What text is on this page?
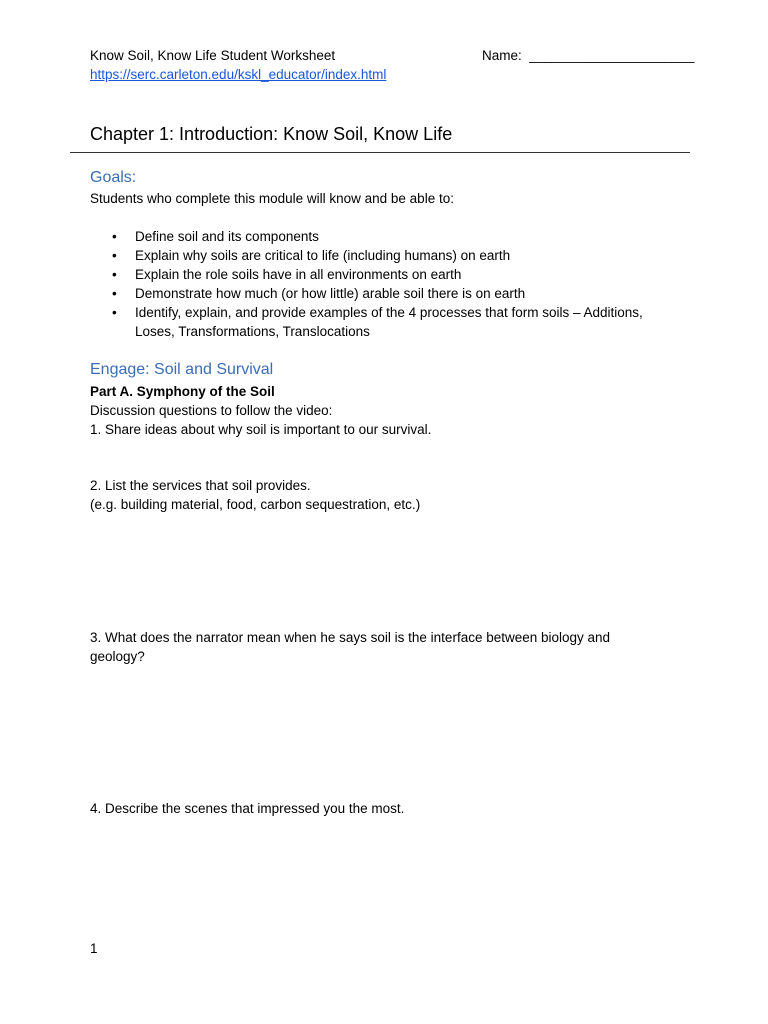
Know Soil, Know Life Student Worksheet	Name:  ______________________
https://serc.carleton.edu/kskl_educator/index.html
Chapter 1: Introduction: Know Soil, Know Life
Goals:
Students who complete this module will know and be able to:
• Define soil and its components
• Explain why soils are critical to life (including humans) on earth
• Explain the role soils have in all environments on earth
• Demonstrate how much (or how little) arable soil there is on earth
• Identify, explain, and provide examples of the 4 processes that form soils – Additions, Loses, Transformations, Translocations
Engage: Soil and Survival
Part A. Symphony of the Soil
Discussion questions to follow the video:
1. Share ideas about why soil is important to our survival.
2. List the services that soil provides.
(e.g. building material, food, carbon sequestration, etc.)
3. What does the narrator mean when he says soil is the interface between biology and geology?
4. Describe the scenes that impressed you the most.
1
